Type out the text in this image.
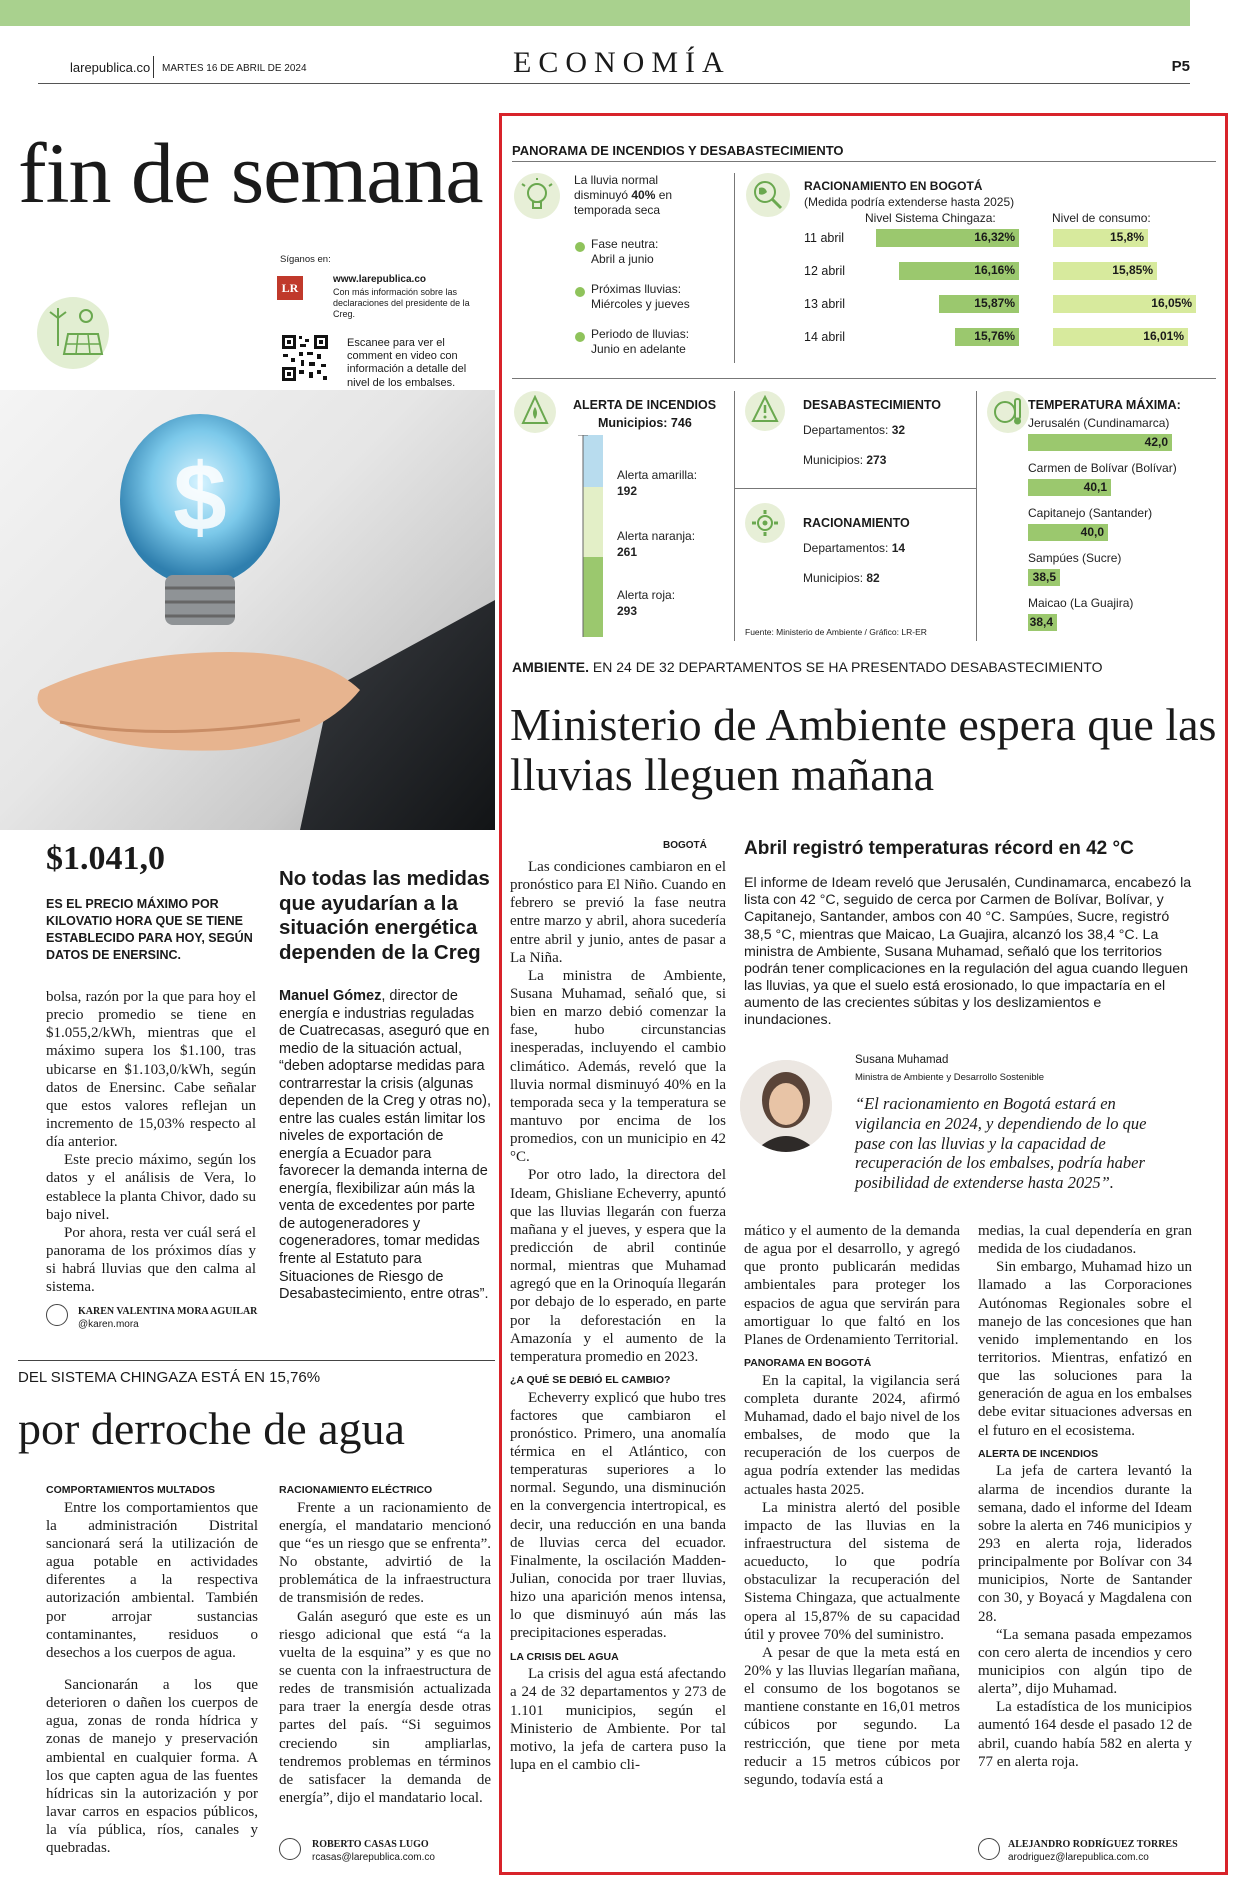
larepublica.co MARTES 16 DE ABRIL DE 2024	ECONOMÍA	P5
fin de semana
Síganos en:
LR
www.larepublica.co
Con más información sobre las declaraciones del presidente de la Creg.
Escanee para ver el comment en video con información a detalle del nivel de los embalses.
$
$1.041,0
ES EL PRECIO MÁXIMO POR KILOVATIO HORA QUE SE TIENE ESTABLECIDO PARA HOY, SEGÚN DATOS DE ENERSINC.
No todas las medidas que ayudarían a la situación energética dependen de la Creg

bolsa, razón por la que para hoy el precio promedio se tiene en $1.055,2/kWh, mientras que el máximo supera los $1.100, tras ubicarse en $1.103,0/kWh, según datos de Enersinc. Cabe señalar que estos valores reflejan un incremento de 15,03% respecto al día anterior.

Este precio máximo, según los datos y el análisis de Vera, lo establece la planta Chivor, dado su bajo nivel.

Por ahora, resta ver cuál será el panorama de los próximos días y si habrá lluvias que den calma al sistema.

Manuel Gómez, director de energía e industrias reguladas de Cuatrecasas, aseguró que en medio de la situación actual, “deben adoptarse medidas para contrarrestar la crisis (algunas dependen de la Creg y otras no), entre las cuales están limitar los niveles de exportación de energía a Ecuador para favorecer la demanda interna de energía, flexibilizar aún más la venta de excedentes por parte de autogeneradores y cogeneradores, tomar medidas frente al Estatuto para Situaciones de Riesgo de Desabastecimiento, entre otras”.

KAREN VALENTINA MORA AGUILAR
@karen.mora
DEL SISTEMA CHINGAZA ESTÁ EN 15,76%
por derroche de agua
COMPORTAMIENTOS MULTADOS

Entre los comportamientos que la administración Distrital sancionará será la utilización de agua potable en actividades diferentes a la respectiva autorización ambiental. También por arrojar sustancias contaminantes, residuos o desechos a los cuerpos de agua.

Sancionarán a los que deterioren o dañen los cuerpos de agua, zonas de ronda hídrica y zonas de manejo y preservación ambiental en cualquier forma. A los que capten agua de las fuentes hídricas sin la autorización y por lavar carros en espacios públicos, la vía pública, ríos, canales y quebradas.

RACIONAMIENTO ELÉCTRICO

Frente a un racionamiento de energía, el mandatario mencionó que “es un riesgo que se enfrenta”. No obstante, advirtió de la problemática de la infraestructura de transmisión de redes.

Galán aseguró que este es un riesgo adicional que está “a la vuelta de la esquina” y es que no se cuenta con la infraestructura de redes de transmisión actualizada para traer la energía desde otras partes del país. “Si seguimos creciendo sin ampliarlas, tendremos problemas en términos de satisfacer la demanda de energía”, dijo el mandatario local.

ROBERTO CASAS LUGO
rcasas@larepublica.com.co
PANORAMA DE INCENDIOS Y DESABASTECIMIENTO
La lluvia normal
disminuyó 40% en
temporada seca
Fase neutra:
Abril a junio
Próximas lluvias:
Miércoles y jueves
Periodo de lluvias:
Junio en adelante
RACIONAMIENTO EN BOGOTÁ
(Medida podría extenderse hasta 2025)
Nivel Sistema Chingaza:	Nivel de consumo:
11 abril	16,32%	15,8%
12 abril	16,16%	15,85%
13 abril	15,87%	16,05%
14 abril	15,76%	16,01%
ALERTA DE INCENDIOS
Municipios: 746
Alerta amarilla:
192
Alerta naranja:
261
Alerta roja:
293
DESABASTECIMIENTO
Departamentos: 32
Municipios: 273
RACIONAMIENTO
Departamentos: 14
Municipios: 82
TEMPERATURA MÁXIMA:
Jerusalén (Cundinamarca)
42,0
Carmen de Bolívar (Bolívar)
40,1
Capitanejo (Santander)
40,0
Sampúes (Sucre)
38,5
Maicao (La Guajira)
38,4
Fuente: Ministerio de Ambiente / Gráfico: LR-ER
AMBIENTE. EN 24 DE 32 DEPARTAMENTOS SE HA PRESENTADO DESABASTECIMIENTO
Ministerio de Ambiente espera que las lluvias lleguen mañana
BOGOTÁ Abril registró temperaturas récord en 42 °C

Las condiciones cambiaron en el pronóstico para El Niño. Cuando en febrero se previó la fase neutra entre marzo y abril, ahora sucedería entre abril y junio, antes de pasar a La Niña.

La ministra de Ambiente, Susana Muhamad, señaló que, si bien en marzo debió comenzar la fase, hubo circunstancias inesperadas, incluyendo el cambio climático. Además, reveló que la lluvia normal disminuyó 40% en la temporada seca y la temperatura se mantuvo por encima de los promedios, con un municipio en 42 °C.

Por otro lado, la directora del Ideam, Ghisliane Echeverry, apuntó que las lluvias llegarán con fuerza mañana y el jueves, y espera que la predicción de abril continúe normal, mientras que Muhamad agregó que en la Orinoquía llegarán por debajo de lo esperado, en parte por la deforestación en la Amazonía y el aumento de la temperatura promedio en 2023.

¿A QUÉ SE DEBIÓ EL CAMBIO?

Echeverry explicó que hubo tres factores que cambiaron el pronóstico. Primero, una anomalía térmica en el Atlántico, con temperaturas superiores a lo normal. Segundo, una disminución en la convergencia intertropical, es decir, una reducción en una banda de lluvias cerca del ecuador. Finalmente, la oscilación Madden-Julian, conocida por traer lluvias, hizo una aparición menos intensa, lo que disminuyó aún más las precipitaciones esperadas.

LA CRISIS DEL AGUA

La crisis del agua está afectando a 24 de 32 departamentos y 273 de 1.101 municipios, según el Ministerio de Ambiente. Por tal motivo, la jefa de cartera puso la lupa en el cambio cli-

El informe de Ideam reveló que Jerusalén, Cundinamarca, encabezó la lista con 42 °C, seguido de cerca por Carmen de Bolívar, Bolívar, y Capitanejo, Santander, ambos con 40 °C. Sampúes, Sucre, registró 38,5 °C, mientras que Maicao, La Guajira, alcanzó los 38,4 °C. La ministra de Ambiente, Susana Muhamad, señaló que los territorios podrán tener complicaciones en la regulación del agua cuando lleguen las lluvias, ya que el suelo está erosionado, lo que impactaría en el aumento de las crecientes súbitas y los deslizamientos e inundaciones.
Susana Muhamad
Ministra de Ambiente y Desarrollo Sostenible
“El racionamiento en Bogotá estará en vigilancia en 2024, y dependiendo de lo que pase con las lluvias y la capacidad de recuperación de los embalses, podría haber posibilidad de extenderse hasta 2025”.

mático y el aumento de la demanda de agua por el desarrollo, y agregó que pronto publicarán medidas ambientales para proteger los espacios de agua que servirán para amortiguar lo que faltó en los Planes de Ordenamiento Territorial.

PANORAMA EN BOGOTÁ

En la capital, la vigilancia será completa durante 2024, afirmó Muhamad, dado el bajo nivel de los embalses, de modo que la recuperación de los cuerpos de agua podría extender las medidas actuales hasta 2025.

La ministra alertó del posible impacto de las lluvias en la infraestructura del sistema de acueducto, lo que podría obstaculizar la recuperación del Sistema Chingaza, que actualmente opera al 15,87% de su capacidad útil y provee 70% del suministro.

A pesar de que la meta está en 20% y las lluvias llegarían mañana, el consumo de los bogotanos se mantiene constante en 16,01 metros cúbicos por segundo. La restricción, que tiene por meta reducir a 15 metros cúbicos por segundo, todavía está a

medias, la cual dependería en gran medida de los ciudadanos.

Sin embargo, Muhamad hizo un llamado a las Corporaciones Autónomas Regionales sobre el manejo de las concesiones que han venido implementando en los territorios. Mientras, enfatizó en que las soluciones para la generación de agua en los embalses debe evitar situaciones adversas en el futuro en el ecosistema.

ALERTA DE INCENDIOS

La jefa de cartera levantó la alarma de incendios durante la semana, dado el informe del Ideam sobre la alerta en 746 municipios y 293 en alerta roja, liderados principalmente por Bolívar con 34 municipios, Norte de Santander con 30, y Boyacá y Magdalena con 28.

“La semana pasada empezamos con cero alerta de incendios y cero municipios con algún tipo de alerta”, dijo Muhamad.

La estadística de los municipios aumentó 164 desde el pasado 12 de abril, cuando había 582 en alerta y 77 en alerta roja.

ALEJANDRO RODRÍGUEZ TORRES
arodriguez@larepublica.com.co
